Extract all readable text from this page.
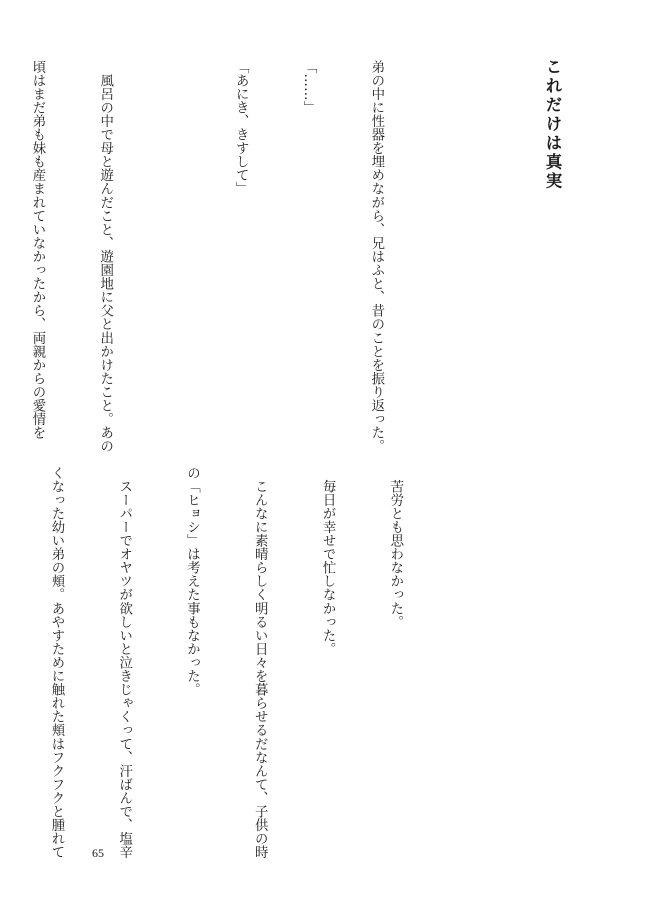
これだけは真実

弟の中に性器を埋めながら、兄はふと、昔のことを振り返った。

「……」

「あにき、きすして」

　風呂の中で母と遊んだこと、遊園地に父と出かけたこと。あの

頃はまだ弟も妹も産まれていなかったから、両親からの愛情を

　苦労とも思わなかった。

　毎日が幸せで忙しなかった。

　こんなに素晴らしく明るい日々を暮らせるだなんて、子供の時

の「ヒョシ」は考えた事もなかった。

　スーパーでオヤツが欲しいと泣きじゃくって、汗ばんで、塩辛

くなった幼い弟の頬。あやすために触れた頬はフクフクと腫れて

65
